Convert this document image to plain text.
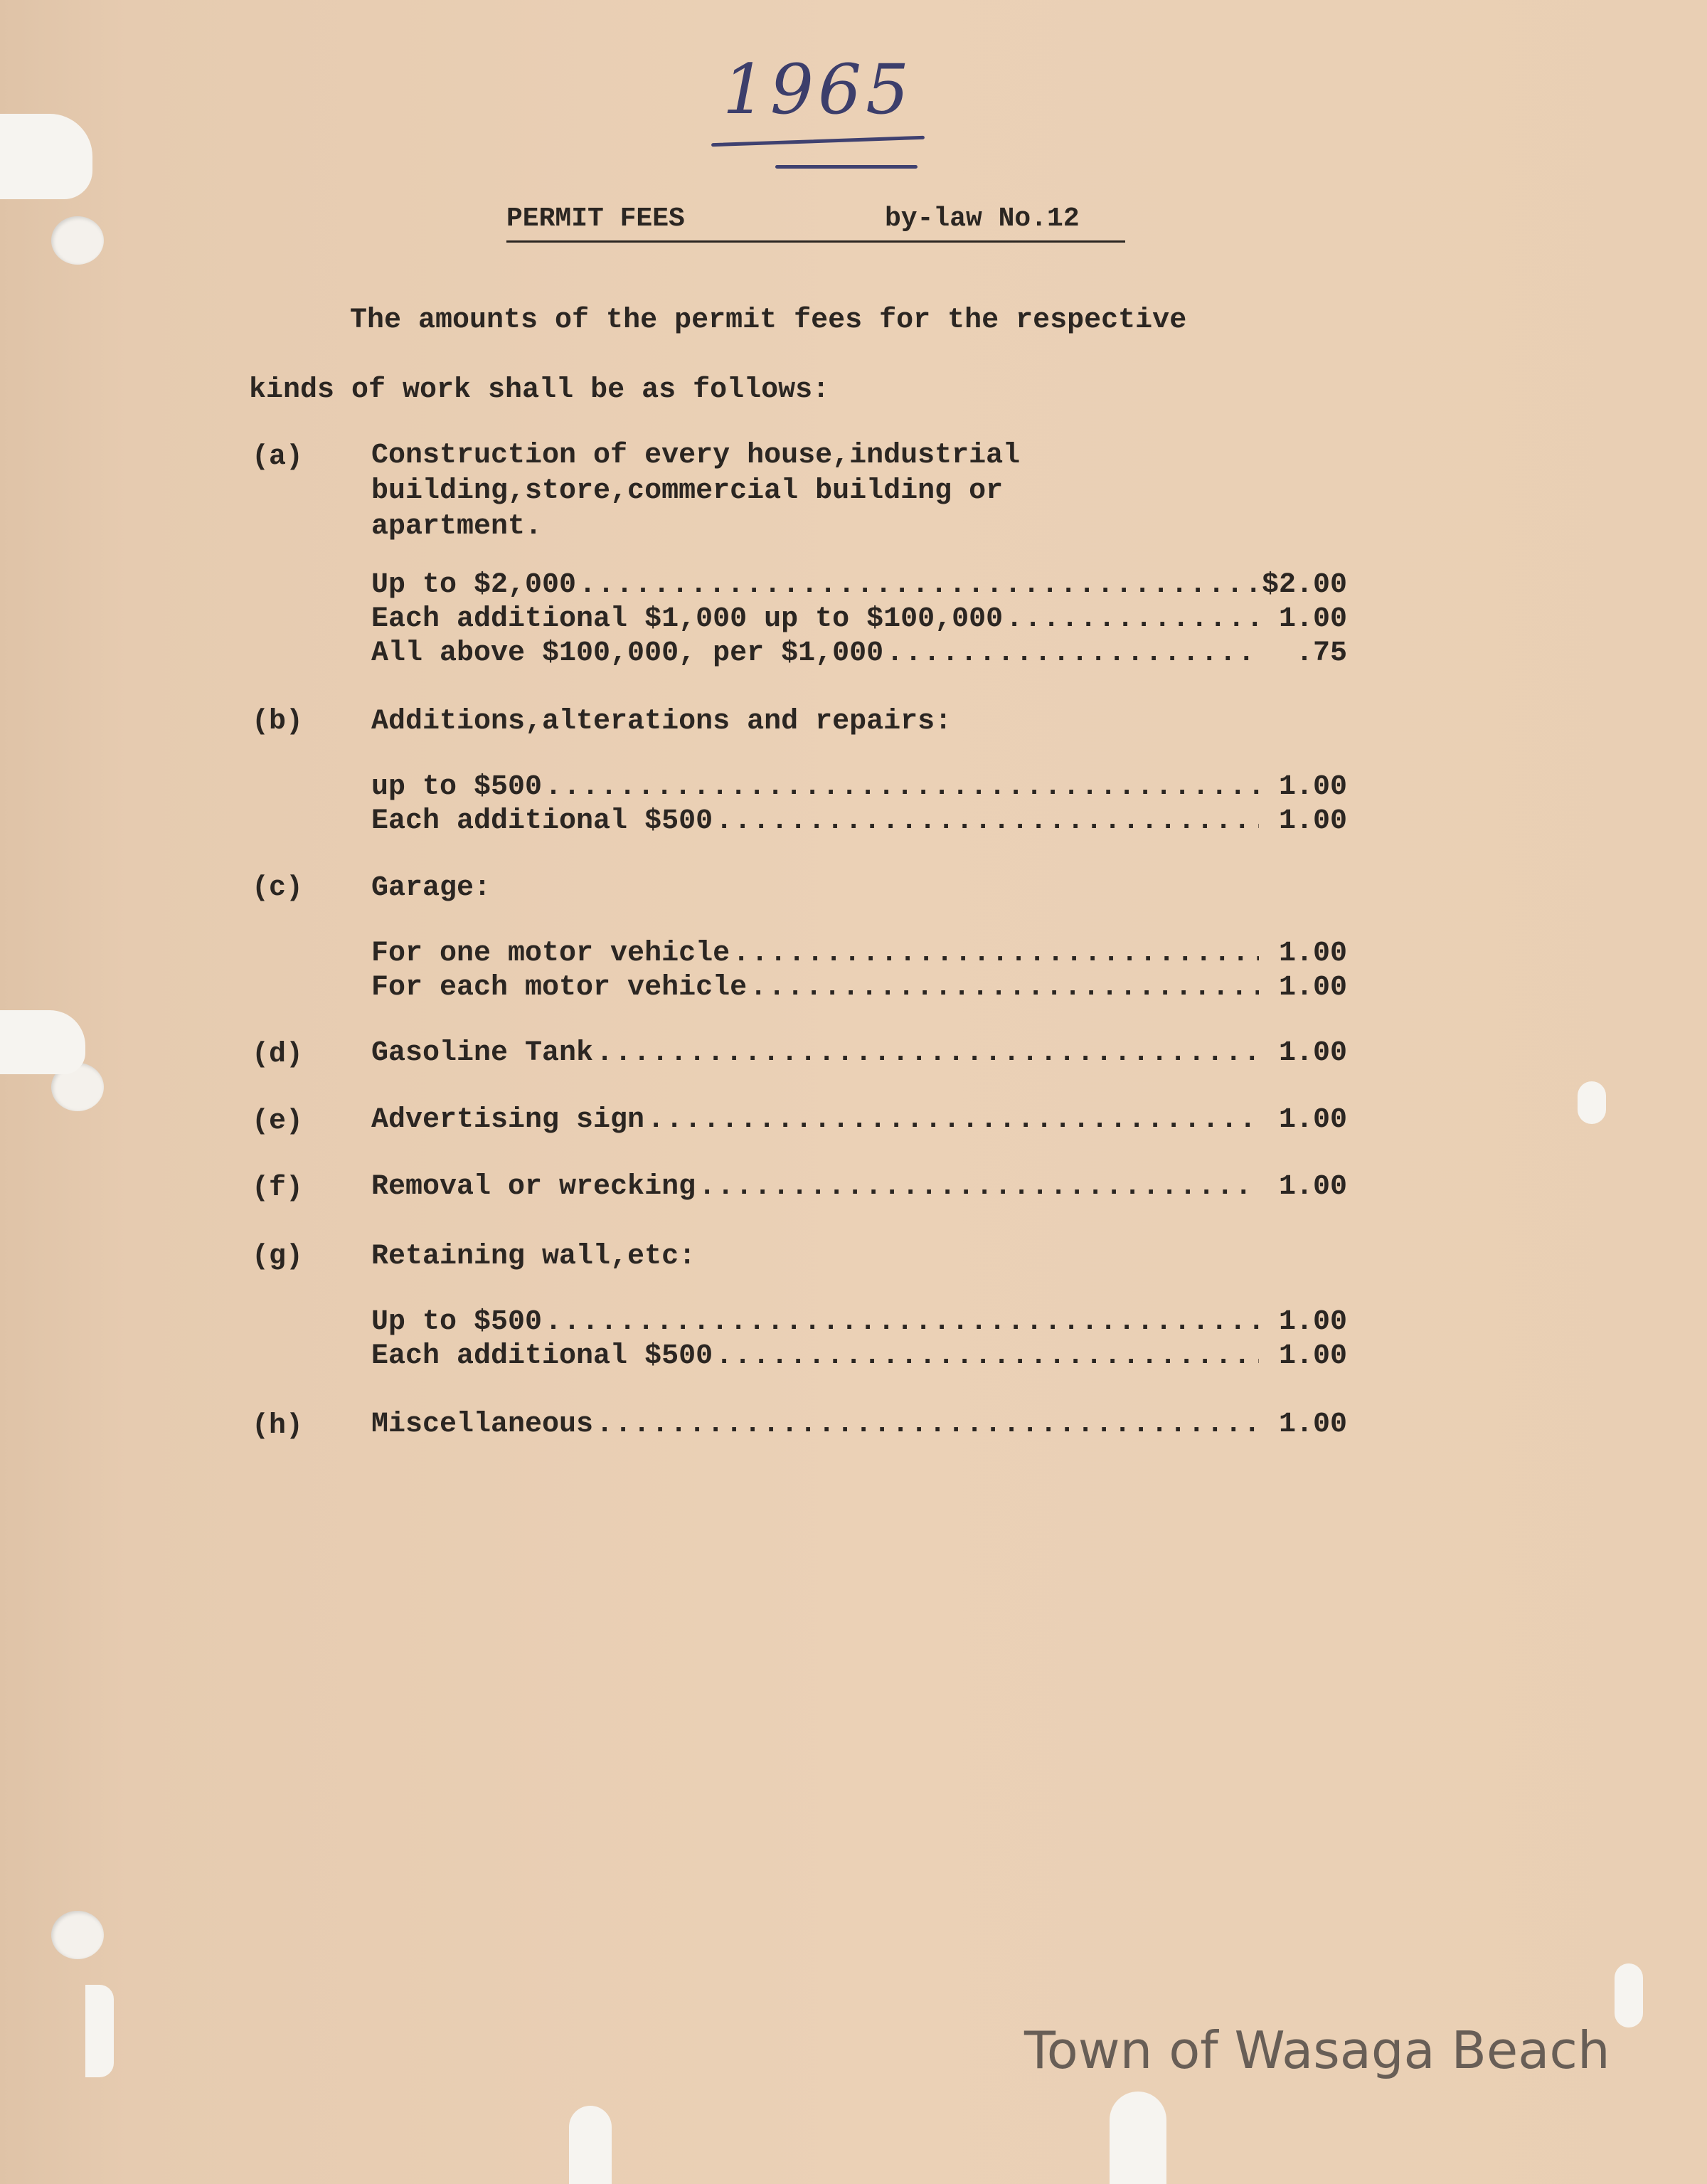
1965

PERMIT FEES

	by-law No.12

The amounts of the permit fees for the respective
kinds of work shall be as follows:
(a) Construction of every house,industrial
building,store,commercial building or
apartment.
Up to $2,000 .....	$2.00
Each additional $1,000 up to $100,000 .....	1.00
All above $100,000, per $1,000 .....	.75
(b) Additions,alterations and repairs:
up to $500 .....	1.00
Each additional $500 .....	1.00
(c) Garage:
For one motor vehicle .....	1.00
For each motor vehicle .....	1.00
(d) Gasoline Tank .....	1.00
(e) Advertising sign .....	1.00
(f) Removal or wrecking .....	1.00
(g) Retaining wall,etc:
Up to $500 .....	1.00
Each additional $500 .....	1.00
(h) Miscellaneous .....	1.00
Town of Wasaga Beach
